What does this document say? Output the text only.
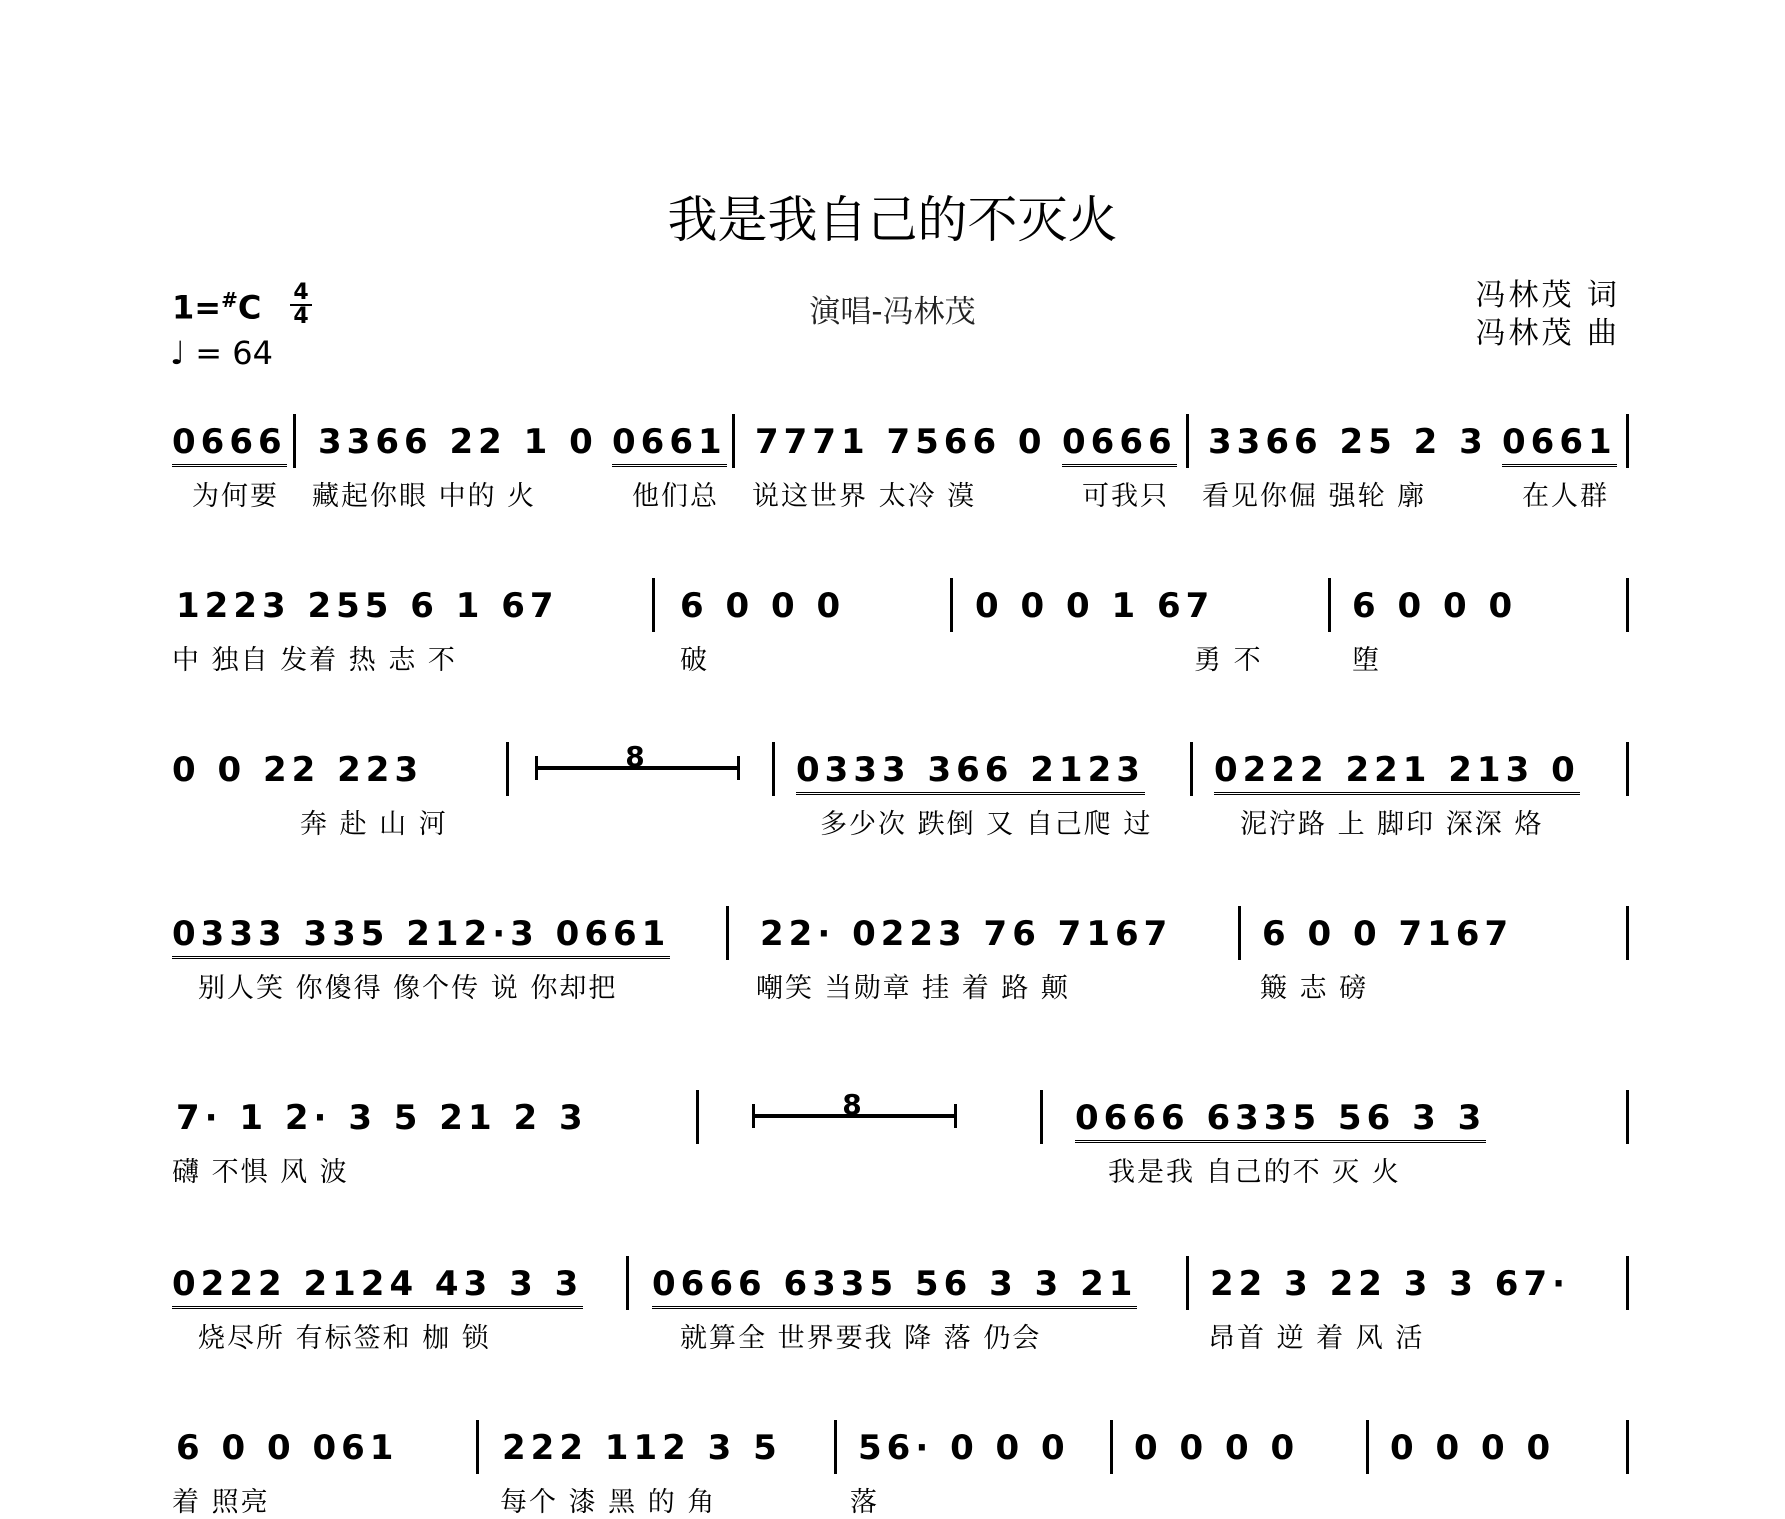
我是我自己的不灭火
演唱-冯林茂	冯林茂 词
冯林茂 曲
1=#C 4
4
♩ = 64
0666 3366 22 1 0 0661 7771 7566 0 0666 3366 25 2 3 0661
为何要 藏起你眼 中的 火	他们总 说这世界 太冷 漠	可我只 看见你倔 强轮 廓	在人群
1223 255 6 1 67	6 0 0 0	0 0 0 1 67	6 0 0 0
中 独自 发着 热 志 不	破	勇 不	堕
0 0 22 223	8	0333 366 2123 0222 221 213 0
奔 赴 山 河	多少次 跌倒 又 自己爬 过	泥泞路 上 脚印 深深 烙
0333 335 212·3 0661	22· 0223 76 7167	6 0 0 7167
别人笑 你傻得 像个传 说 你却把	嘲笑 当勋章 挂 着 路 颠	簸 志 磅
7· 1 2· 3 5 21 2 3	8	0666 6335 56 3 3
礴 不惧 风 波	我是我 自己的不 灭 火
0222 2124 43 3 3 0666 6335 56 3 3 21 22 3 22 3 3 67·
烧尽所 有标签和 枷 锁	就算全 世界要我 降 落 仍会	昂首 逆 着 风 活
6 0 0 061	222 112 3 5 56· 0 0 0 0 0 0 0	0 0 0 0
着 照亮	每个 漆 黑 的 角	落
